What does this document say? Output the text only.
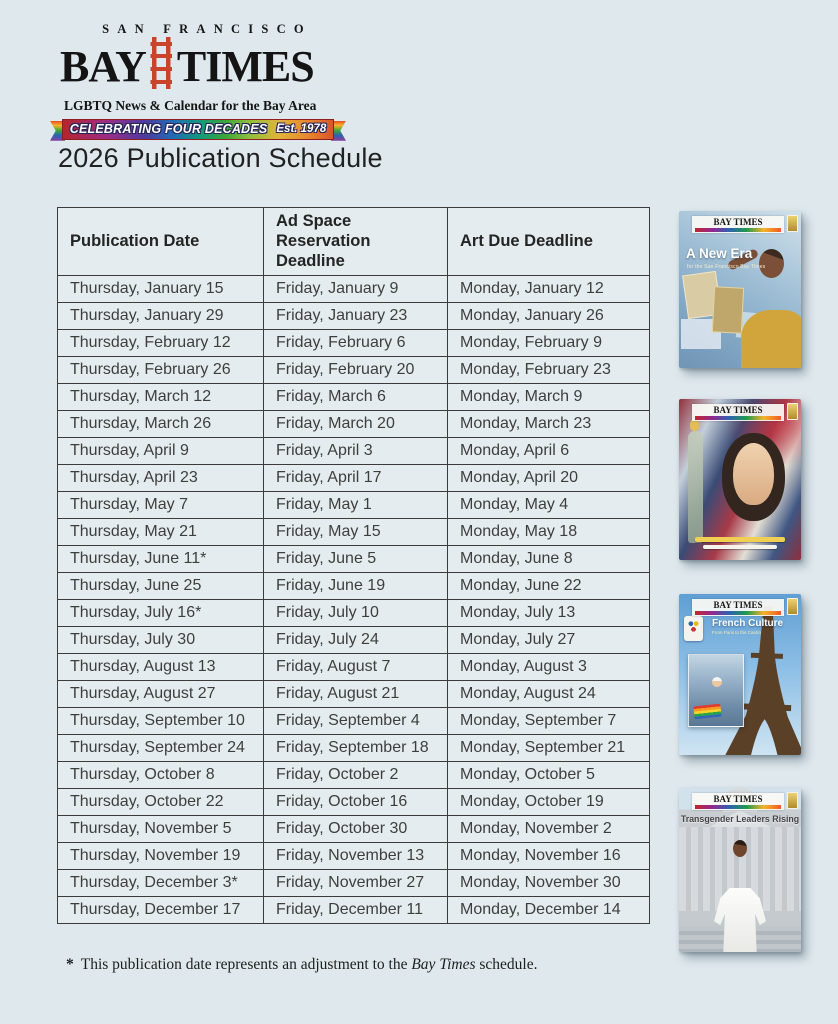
SAN FRANCISCO
BAY TIMES
LGBTQ News & Calendar for the Bay Area
CELEBRATING FOUR DECADES Est. 1978
2026 Publication Schedule
Publication Date	Ad Space Reservation Deadline	Art Due Deadline
Thursday, January 15	Friday, January 9	Monday, January 12
Thursday, January 29	Friday, January 23	Monday, January 26
Thursday, February 12	Friday, February 6	Monday, February 9
Thursday, February 26	Friday, February 20	Monday, February 23
Thursday, March 12	Friday, March 6	Monday, March 9
Thursday, March 26	Friday, March 20	Monday, March 23
Thursday, April 9	Friday, April 3	Monday, April 6
Thursday, April 23	Friday, April 17	Monday, April 20
Thursday, May 7	Friday, May 1	Monday, May 4
Thursday, May 21	Friday, May 15	Monday, May 18
Thursday, June 11*	Friday, June 5	Monday, June 8
Thursday, June 25	Friday, June 19	Monday, June 22
Thursday, July 16*	Friday, July 10	Monday, July 13
Thursday, July 30	Friday, July 24	Monday, July 27
Thursday, August 13	Friday, August 7	Monday, August 3
Thursday, August 27	Friday, August 21	Monday, August 24
Thursday, September 10	Friday, September 4	Monday, September 7
Thursday, September 24	Friday, September 18	Monday, September 21
Thursday, October 8	Friday, October 2	Monday, October 5
Thursday, October 22	Friday, October 16	Monday, October 19
Thursday, November 5	Friday, October 30	Monday, November 2
Thursday, November 19	Friday, November 13	Monday, November 16
Thursday, December 3*	Friday, November 27	Monday, November 30
Thursday, December 17	Friday, December 11	Monday, December 14
* This publication date represents an adjustment to the Bay Times schedule.
A New Era
for the San Francisco Bay Times
BAY TIMES
BAY TIMES
French Culture
From Paris to the Castro
BAY TIMES
Transgender Leaders Rising
BAY TIMES
